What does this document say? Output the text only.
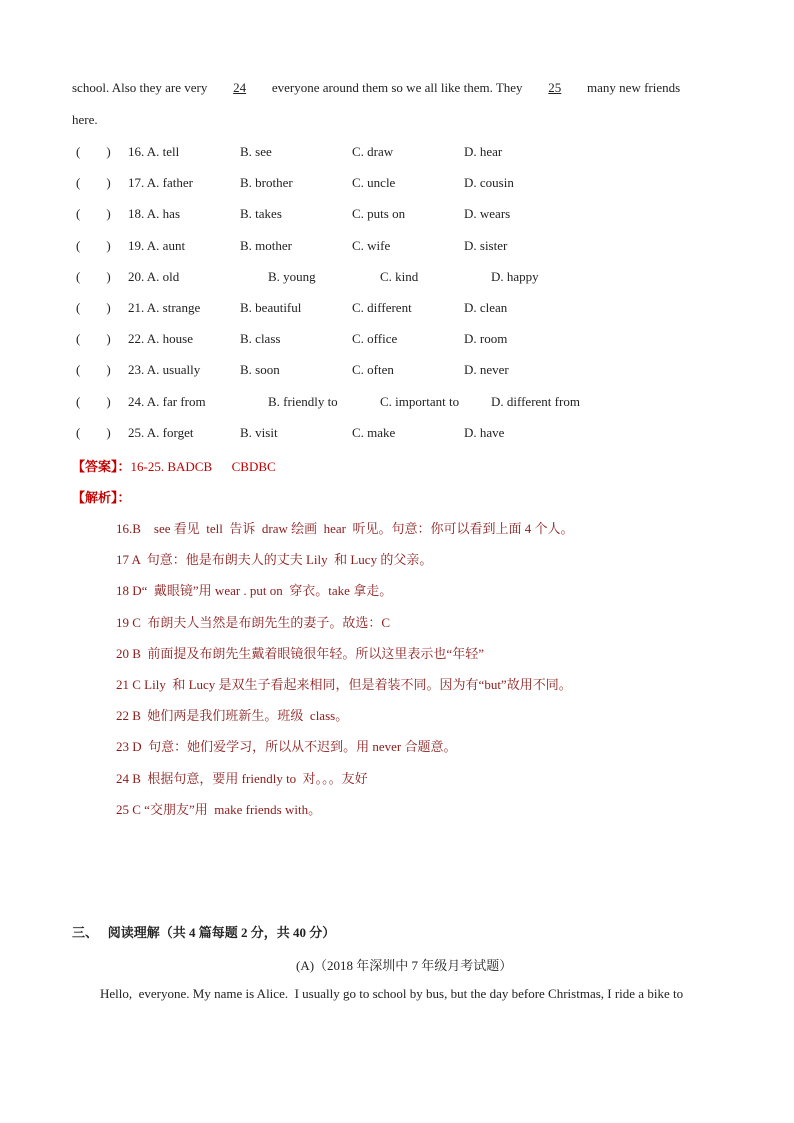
school. Also they are very 24 everyone around them so we all like them. They 25 many new friends
here.
(        ) 16. A. tell	B. see	C. draw	D. hear
(        ) 17. A. father	B. brother	C. uncle	D. cousin
(        ) 18. A. has	B. takes	C. puts on	D. wears
(        ) 19. A. aunt	B. mother	C. wife	D. sister
(        ) 20. A. old	B. young	C. kind	D. happy
(        ) 21. A. strange	B. beautiful	C. different	D. clean
(        ) 22. A. house	B. class	C. office	D. room
(        ) 23. A. usually	B. soon	C. often	D. never
(        ) 24. A. far from	B. friendly to	C. important to D. different from
(        ) 25. A. forget	B. visit	C. make	D. have
【答案】：16-25. BADCB      CBDBC
【解析】：
16.B    see 看见  tell  告诉  draw 绘画  hear  听见。句意：你可以看到上面 4 个人。
17 A  句意：他是布朗夫人的丈夫 Lily  和 Lucy 的父亲。
18 D“  戴眼镜”用 wear . put on  穿衣。take 拿走。
19 C  布朗夫人当然是布朗先生的妻子。故选：C
20 B  前面提及布朗先生戴着眼镜很年轻。所以这里表示也“年轻”
21 C Lily  和 Lucy 是双生子看起来相同，但是着装不同。因为有“but”故用不同。
22 B  她们两是我们班新生。班级  class。
23 D  句意：她们爱学习，所以从不迟到。用 never 合题意。
24 B  根据句意，要用 friendly to  对。。。友好
25 C “交朋友”用  make friends with。
三、   阅读理解（共 4 篇每题 2 分，共 40 分）
(A)（2018 年深圳中 7 年级月考试题）
Hello,  everyone. My name is Alice.  I usually go to school by bus, but the day before Christmas, I ride a bike to
